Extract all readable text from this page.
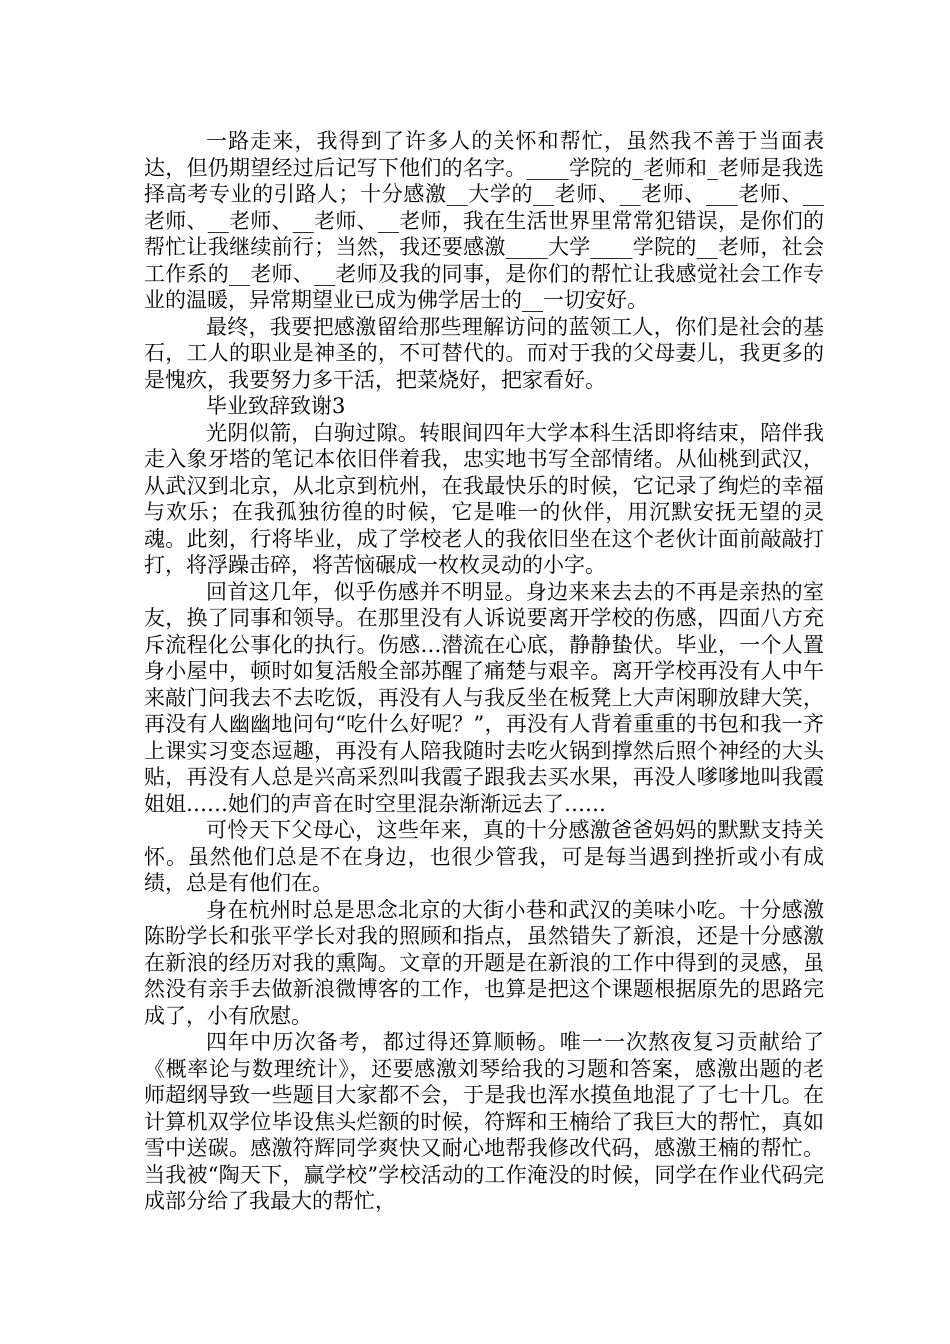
一路走来，我得到了许多人的关怀和帮忙，虽然我不善于当面表达，但仍期望经过后记写下他们的名字。____学院的_老师和_老师是我选择高考专业的引路人；十分感激__大学的__老师、__老师、___老师、__老师、__老师、__老师、__老师，我在生活世界里常常犯错误，是你们的帮忙让我继续前行；当然，我还要感激____大学____学院的__老师，社会工作系的__老师、__老师及我的同事，是你们的帮忙让我感觉社会工作专业的温暖，异常期望业已成为佛学居士的__一切安好。

最终，我要把感激留给那些理解访问的蓝领工人，你们是社会的基石，工人的职业是神圣的，不可替代的。而对于我的父母妻儿，我更多的是愧疚，我要努力多干活，把菜烧好，把家看好。

毕业致辞致谢3

光阴似箭，白驹过隙。转眼间四年大学本科生活即将结束，陪伴我走入象牙塔的笔记本依旧伴着我，忠实地书写全部情绪。从仙桃到武汉，从武汉到北京，从北京到杭州，在我最快乐的时候，它记录了绚烂的幸福与欢乐；在我孤独彷徨的时候，它是唯一的伙伴，用沉默安抚无望的灵魂。此刻，行将毕业，成了学校老人的我依旧坐在这个老伙计面前敲敲打打，将浮躁击碎，将苦恼碾成一枚枚灵动的小字。

回首这几年，似乎伤感并不明显。身边来来去去的不再是亲热的室友，换了同事和领导。在那里没有人诉说要离开学校的伤感，四面八方充斥流程化公事化的执行。伤感…潜流在心底，静静蛰伏。毕业，一个人置身小屋中，顿时如复活般全部苏醒了痛楚与艰辛。离开学校再没有人中午来敲门问我去不去吃饭，再没有人与我反坐在板凳上大声闲聊放肆大笑，再没有人幽幽地问句“吃什么好呢？”，再没有人背着重重的书包和我一齐上课实习变态逗趣，再没有人陪我随时去吃火锅到撑然后照个神经的大头贴，再没有人总是兴高采烈叫我霞子跟我去买水果，再没人嗲嗲地叫我霞姐姐……她们的声音在时空里混杂渐渐远去了……

可怜天下父母心，这些年来，真的十分感激爸爸妈妈的默默支持关怀。虽然他们总是不在身边，也很少管我，可是每当遇到挫折或小有成绩，总是有他们在。

身在杭州时总是思念北京的大街小巷和武汉的美味小吃。十分感激陈盼学长和张平学长对我的照顾和指点，虽然错失了新浪，还是十分感激在新浪的经历对我的熏陶。文章的开题是在新浪的工作中得到的灵感，虽然没有亲手去做新浪微博客的工作，也算是把这个课题根据原先的思路完成了，小有欣慰。

四年中历次备考，都过得还算顺畅。唯一一次熬夜复习贡献给了《概率论与数理统计》，还要感激刘琴给我的习题和答案，感激出题的老师超纲导致一些题目大家都不会，于是我也浑水摸鱼地混了了七十几。在计算机双学位毕设焦头烂额的时候，符辉和王楠给了我巨大的帮忙，真如雪中送碳。感激符辉同学爽快又耐心地帮我修改代码，感激王楠的帮忙。当我被“陶天下，赢学校”学校活动的工作淹没的时候，同学在作业代码完成部分给了我最大的帮忙，
